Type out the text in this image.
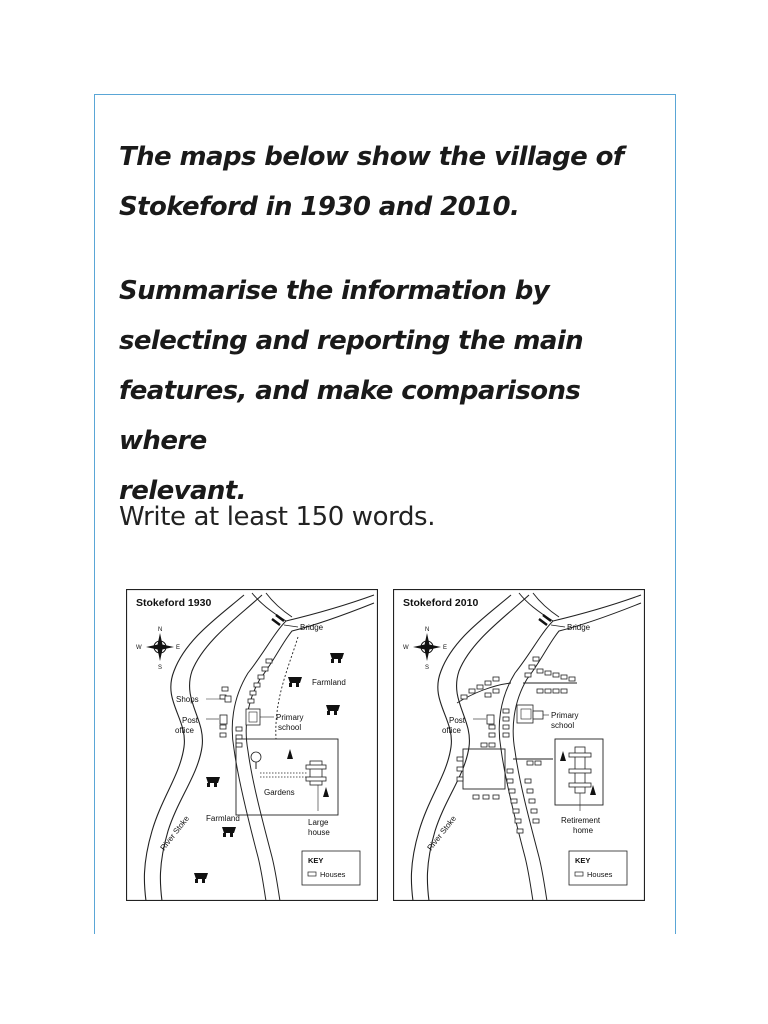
The maps below show the village of
Stokeford in 1930 and 2010.
Summarise the information by
selecting and reporting the main
features, and make comparisons where
relevant.
Write at least 150 words.
Stokeford 1930
River Stoke
Bridge
Shops
Post
office
Primary
school
Farmland
Gardens
Large
house
Farmland
N
S
E
W
KEY
Houses
Stokeford 2010
River Stoke
Bridge
Post
office
Primary
school
Retirement
home
N
S
E
W
KEY
Houses
